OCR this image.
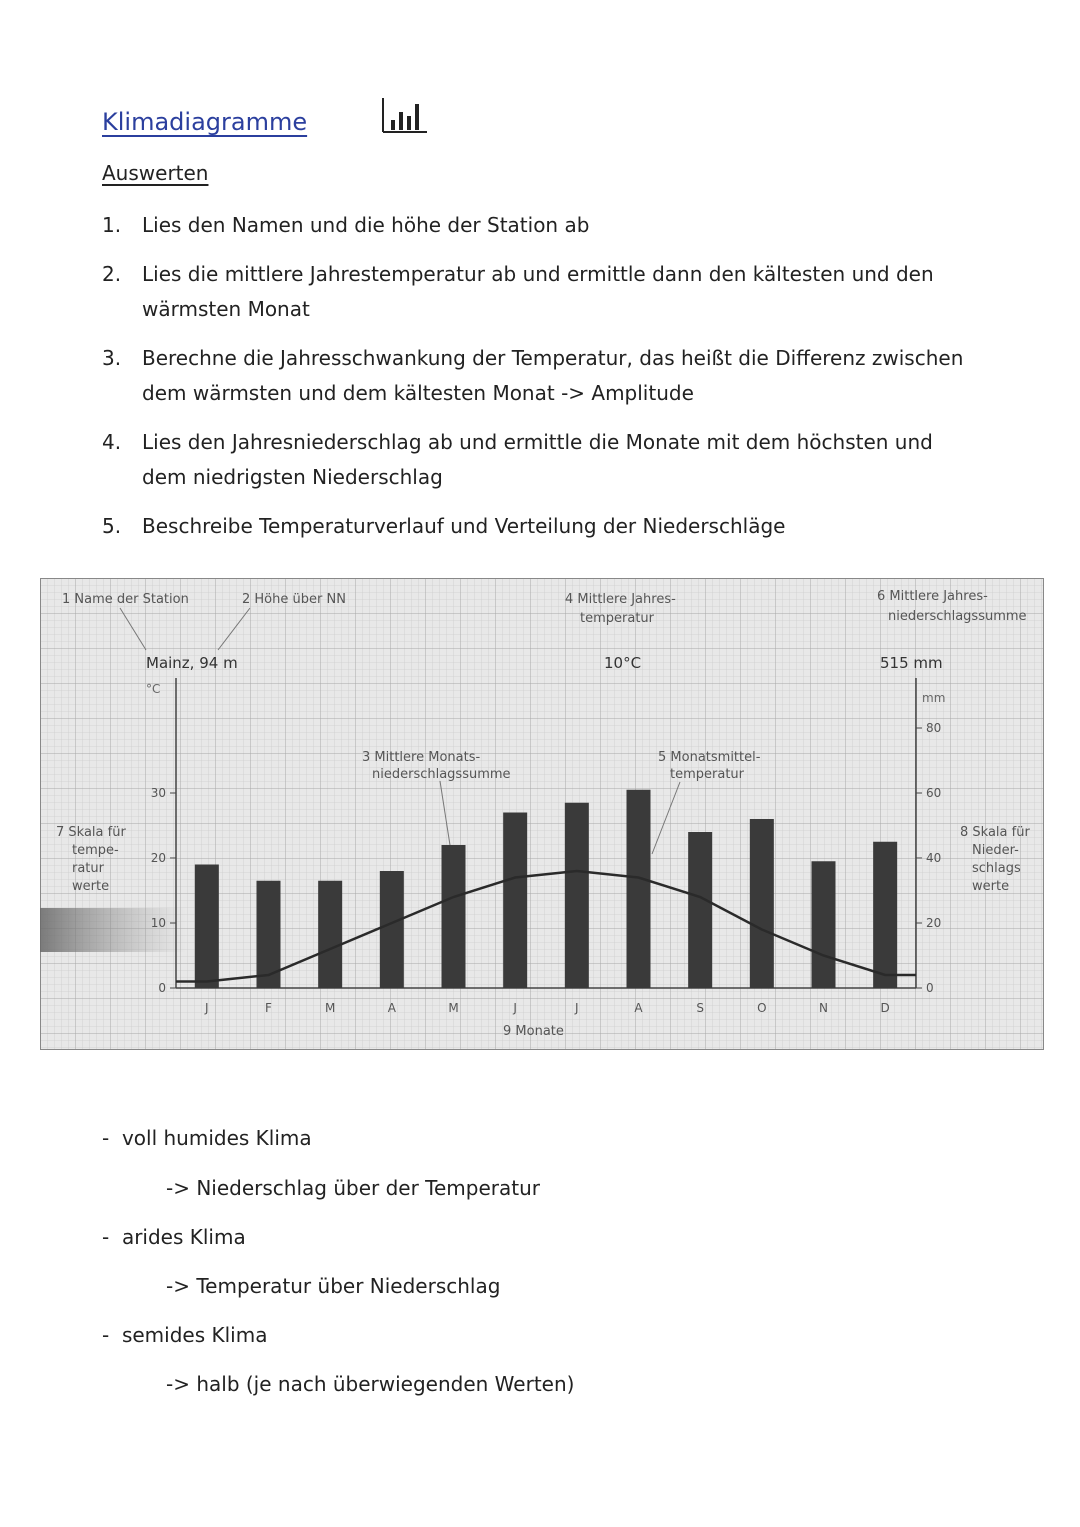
Klimadiagramme
Auswerten
1. Lies den Namen und die höhe der Station ab
2. Lies die mittlere Jahrestemperatur ab und ermittle dann den kältesten und den wärmsten Monat
3. Berechne die Jahresschwankung der Temperatur, das heißt die Differenz zwischen dem wärmsten und dem kältesten Monat -> Amplitude
4. Lies den Jahresniederschlag ab und ermittle die Monate mit dem höchsten und dem niedrigsten Niederschlag
5. Beschreibe Temperaturverlauf und Verteilung der Niederschläge
1 Name der Station	2 Höhe über NN	4 Mittlere Jahres-
temperatur
6 Mittlere Jahres-
niederschlagssumme
3 Mittlere Monats-
niederschlagssumme
5 Monatsmittel-
temperatur
7 Skala für
tempe-
ratur
werte
8 Skala für
Nieder-
schlags
werte
9 Monate
Mainz, 94 m	10°C	515 mm
°C
mm
0
10
20
30
0
20
40
60
80
J	F	M	A	M	J	J	A	S	O	N	D
- voll humides Klima
-> Niederschlag über der Temperatur
- arides Klima
-> Temperatur über Niederschlag
- semides Klima
-> halb (je nach überwiegenden Werten)
